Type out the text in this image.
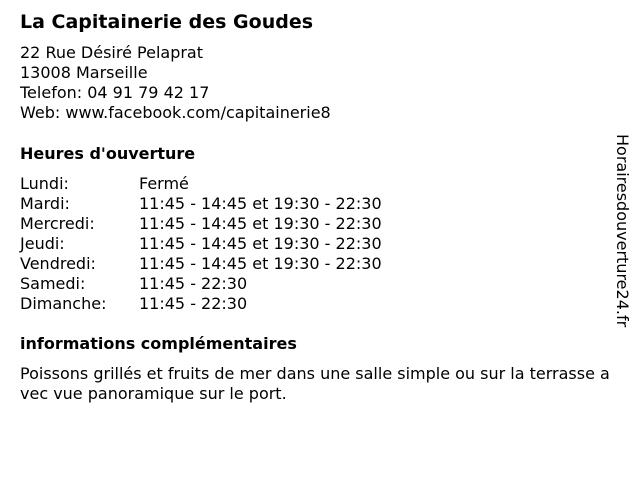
La Capitainerie des Goudes
22 Rue Désiré Pelaprat
13008 Marseille
Telefon: 04 91 79 42 17
Web: www.facebook.com/capitainerie8
Heures d'ouverture
Lundi:	Fermé
Mardi:	11:45 - 14:45 et 19:30 - 22:30
Mercredi:	11:45 - 14:45 et 19:30 - 22:30
Jeudi:	11:45 - 14:45 et 19:30 - 22:30
Vendredi:	11:45 - 14:45 et 19:30 - 22:30
Samedi:	11:45 - 22:30
Dimanche: 11:45 - 22:30
informations complémentaires
Poissons grillés et fruits de mer dans une salle simple ou sur la terrasse avec vue panoramique sur le port.
Horairesdouverture24.fr
